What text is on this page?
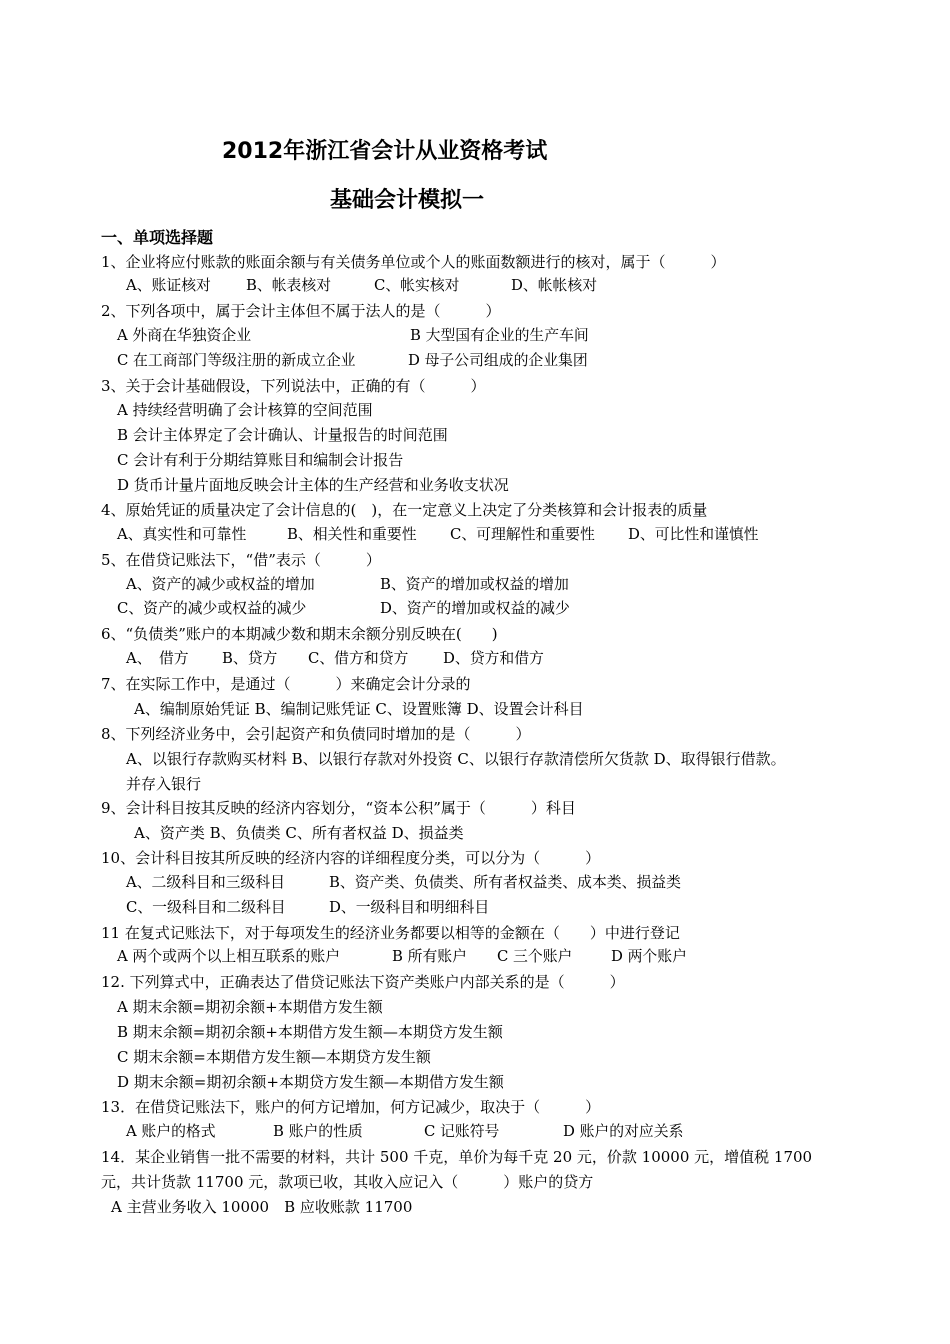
2012年浙江省会计从业资格考试
基础会计模拟一
一、单项选择题
1、企业将应付账款的账面余额与有关债务单位或个人的账面数额进行的核对，属于（　　　）
A、账证核对 B、帐表核对	C、帐实核对	D、帐帐核对
2、下列各项中，属于会计主体但不属于法人的是（　　　）
A 外商在华独资企业	B 大型国有企业的生产车间
C 在工商部门等级注册的新成立企业	D 母子公司组成的企业集团
3、关于会计基础假设，下列说法中，正确的有（　　　）
A 持续经营明确了会计核算的空间范围
B 会计主体界定了会计确认、计量报告的时间范围
C 会计有利于分期结算账目和编制会计报告
D 货币计量片面地反映会计主体的生产经营和业务收支状况
4、原始凭证的质量决定了会计信息的(　)，在一定意义上决定了分类核算和会计报表的质量
A、真实性和可靠性	B、相关性和重要性 C、可理解性和重要性 D、可比性和谨慎性
5、在借贷记账法下，“借”表示（　　　）
A、资产的减少或权益的增加	B、资产的增加或权益的增加
C、资产的减少或权益的减少	D、资产的增加或权益的减少
6、“负债类”账户的本期减少数和期末余额分别反映在(　　)
A、　借方 B、贷方 C、借方和贷方 D、贷方和借方
7、在实际工作中，是通过（　　　）来确定会计分录的
A、编制原始凭证 B、编制记账凭证 C、设置账簿 D、设置会计科目
8、下列经济业务中，会引起资产和负债同时增加的是（　　　）
A、以银行存款购买材料 B、以银行存款对外投资 C、以银行存款清偿所欠货款 D、取得银行借款。
并存入银行
9、会计科目按其反映的经济内容划分，“资本公积”属于（　　　）科目
A、资产类 B、负债类 C、所有者权益 D、损益类
10、会计科目按其所反映的经济内容的详细程度分类，可以分为（　　　）
A、二级科目和三级科目	B、资产类、负债类、所有者权益类、成本类、损益类
C、一级科目和二级科目	D、一级科目和明细科目
11 在复式记账法下，对于每项发生的经济业务都要以相等的金额在（　　）中进行登记
A 两个或两个以上相互联系的账户	B 所有账户 C 三个账户	D 两个账户
12. 下列算式中，正确表达了借贷记账法下资产类账户内部关系的是（　　　）
A 期末余额=期初余额+本期借方发生额
B 期末余额=期初余额+本期借方发生额—本期贷方发生额
C 期末余额=本期借方发生额—本期贷方发生额
D 期末余额=期初余额+本期贷方发生额—本期借方发生额
13．在借贷记账法下，账户的何方记增加，何方记减少，取决于（　　　）
A 账户的格式	B 账户的性质	C 记账符号	D 账户的对应关系
14．某企业销售一批不需要的材料，共计 500 千克，单价为每千克 20 元，价款 10000 元，增值税 1700
元，共计货款 11700 元，款项已收，其收入应记入（　　　）账户的贷方
A 主营业务收入 10000　B 应收账款 11700
